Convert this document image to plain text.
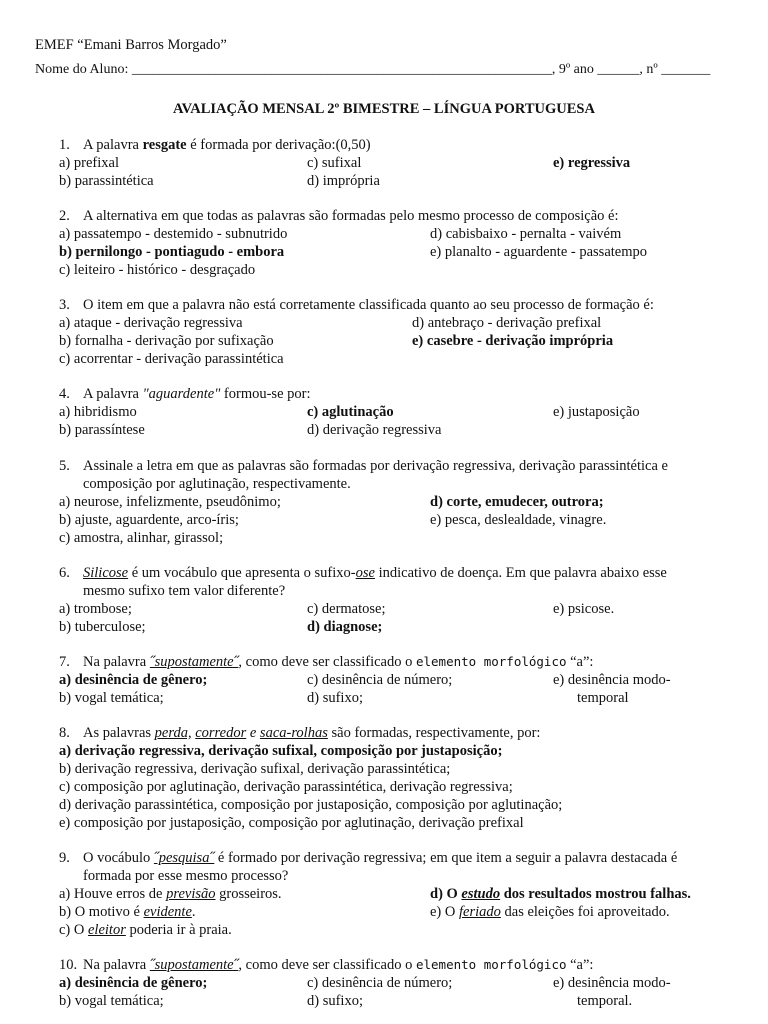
EMEF “Emani Barros Morgado”
Nome do Aluno: ____________________________________________________________, 9º ano ______, nº _______
AVALIAÇÃO MENSAL 2º BIMESTRE – LÍNGUA PORTUGUESA
1. A palavra resgate é formada por derivação:(0,50)
a) prefixal
b) parassintética
c) sufixal
d) imprópria
e) regressiva
2. A alternativa em que todas as palavras são formadas pelo mesmo processo de composição é:
a) passatempo - destemido - subnutrido
b) pernilongo - pontiagudo - embora
c) leiteiro - histórico - desgraçado
d) cabisbaixo - pernalta - vaivém
e) planalto - aguardente - passatempo
3. O item em que a palavra não está corretamente classificada quanto ao seu processo de formação é:
a) ataque - derivação regressiva
b) fornalha - derivação por sufixação
c) acorrentar - derivação parassintética
d) antebraço - derivação prefixal
e) casebre - derivação imprópria
4. A palavra "aguardente" formou-se por:
a) hibridismo
b) parassíntese
c) aglutinação
d) derivação regressiva
e) justaposição
5. Assinale a letra em que as palavras são formadas por derivação regressiva, derivação parassintética e
composição por aglutinação, respectivamente.
a) neurose, infelizmente, pseudônimo;
b) ajuste, aguardente, arco-íris;
c) amostra, alinhar, girassol;
d) corte, emudecer, outrora;
e) pesca, deslealdade, vinagre.
6. Silicose é um vocábulo que apresenta o sufixo-ose indicativo de doença. Em que palavra abaixo esse
mesmo sufixo tem valor diferente?
a) trombose;
b) tuberculose;
c) dermatose;
d) diagnose;
e) psicose.
7. Na palavra ˝supostamente˝, como deve ser classificado o elemento morfológico “a”:
a) desinência de gênero;
b) vogal temática;
c) desinência de número;
d) sufixo;
e) desinência modo-
temporal
8. As palavras perda, corredor e saca-rolhas são formadas, respectivamente, por:
a) derivação regressiva, derivação sufixal, composição por justaposição;
b) derivação regressiva, derivação sufixal, derivação parassintética;
c) composição por aglutinação, derivação parassintética, derivação regressiva;
d) derivação parassintética, composição por justaposição, composição por aglutinação;
e) composição por justaposição, composição por aglutinação, derivação prefixal
9. O vocábulo ˝pesquisa˝ é formado por derivação regressiva; em que item a seguir a palavra destacada é
formada por esse mesmo processo?
a) Houve erros de previsão grosseiros.
b) O motivo é evidente.
c) O eleitor poderia ir à praia.
d) O estudo dos resultados mostrou falhas.
e) O feriado das eleições foi aproveitado.
10. Na palavra ˝supostamente˝, como deve ser classificado o elemento morfológico “a”:
a) desinência de gênero;
b) vogal temática;
c) desinência de número;
d) sufixo;
e) desinência modo-
temporal.
